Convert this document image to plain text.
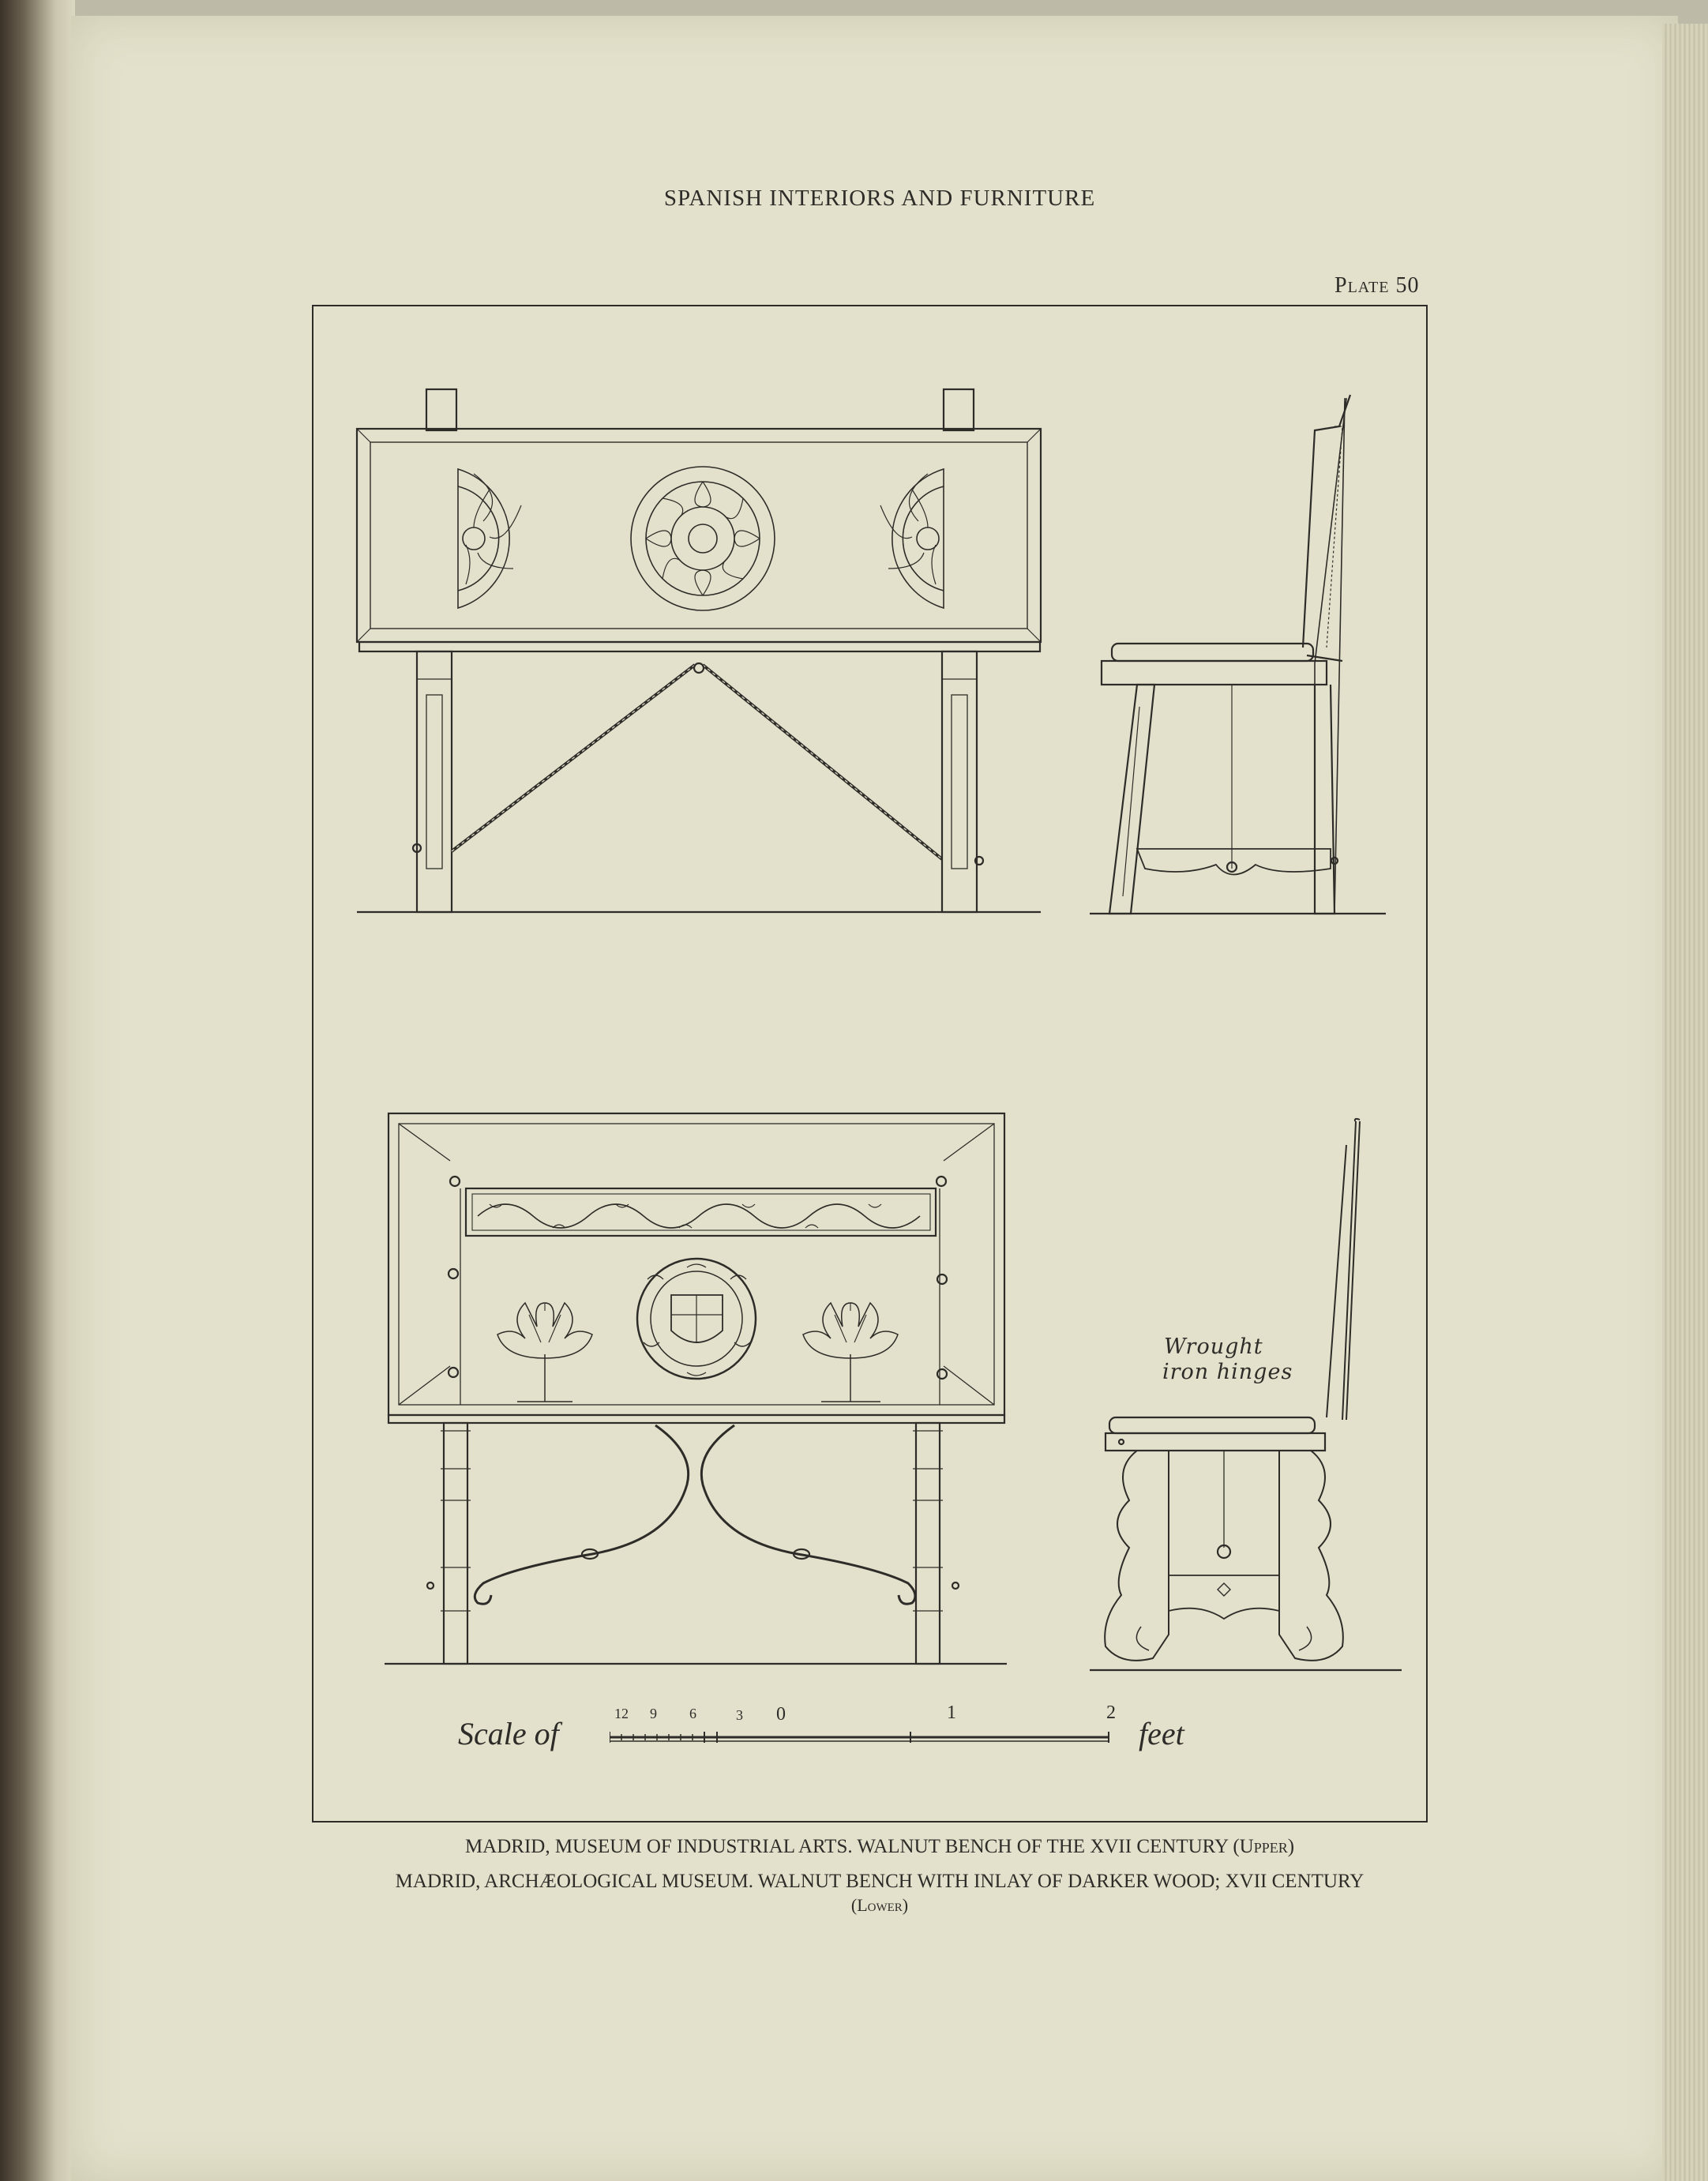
SPANISH INTERIORS AND FURNITURE
Plate 50
Wrought
iron hinges
Scale of
12 9 6	3 0	1	2
feet
MADRID, MUSEUM OF INDUSTRIAL ARTS. WALNUT BENCH OF THE XVII CENTURY (Upper)
MADRID, ARCHÆOLOGICAL MUSEUM. WALNUT BENCH WITH INLAY OF DARKER WOOD; XVII CENTURY
(Lower)
